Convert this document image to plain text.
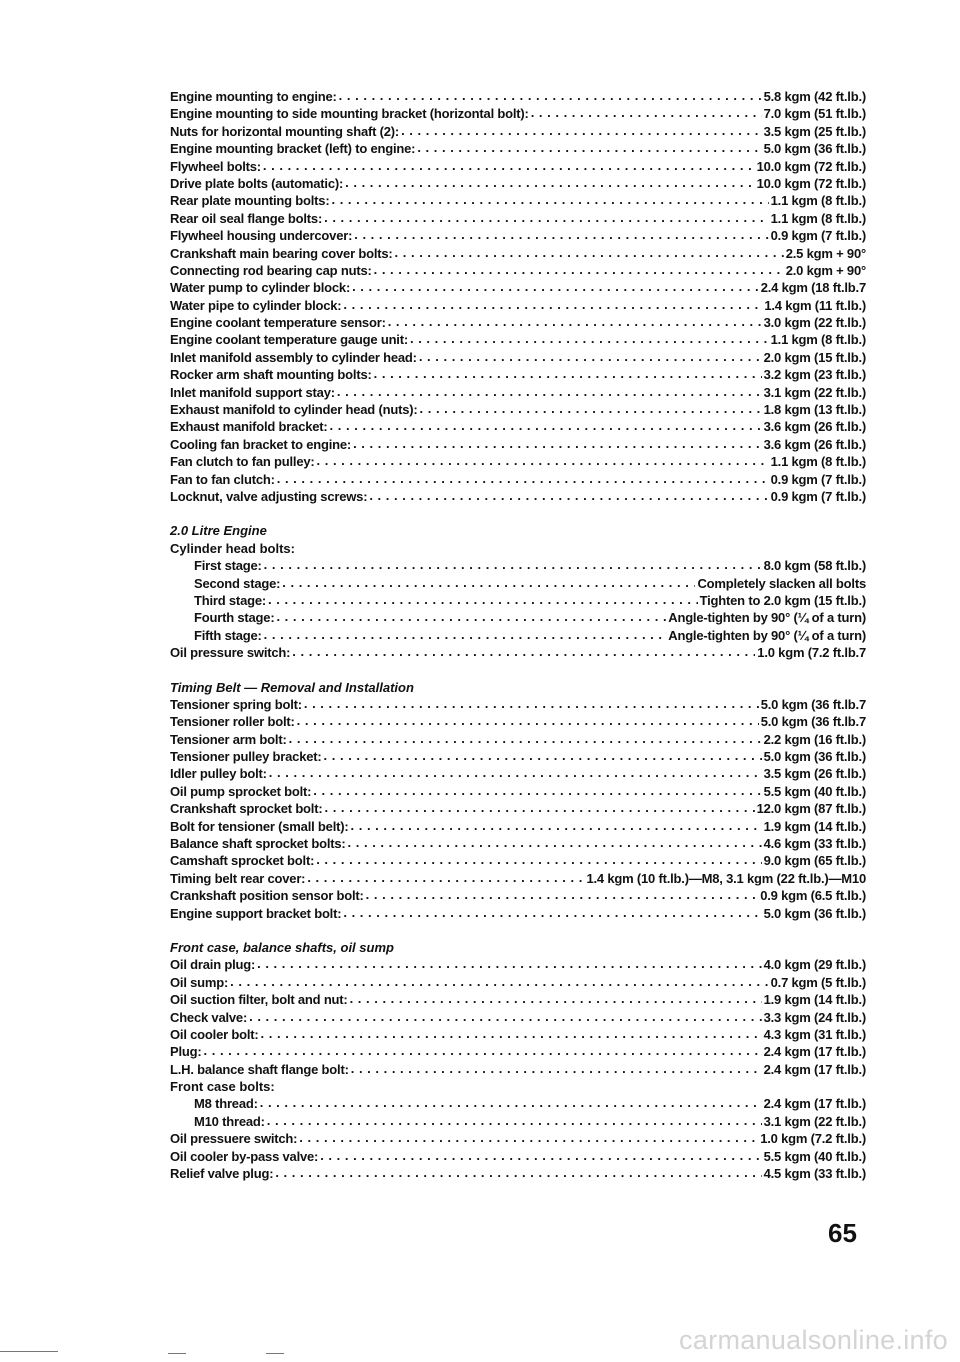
Engine mounting to engine: . . .	5.8 kgm (42 ft.lb.)
Engine mounting to side mounting bracket (horizontal bolt): . . .	7.0 kgm (51 ft.lb.)
Nuts for horizontal mounting shaft (2): . . .	3.5 kgm (25 ft.lb.)
Engine mounting bracket (left) to engine: . . .	5.0 kgm (36 ft.lb.)
Flywheel bolts: . . .	10.0 kgm (72 ft.lb.)
Drive plate bolts (automatic): . . .	10.0 kgm (72 ft.lb.)
Rear plate mounting bolts: . . .	1.1 kgm (8 ft.lb.)
Rear oil seal flange bolts: . . .	1.1 kgm (8 ft.lb.)
Flywheel housing undercover: . . .	0.9 kgm (7 ft.lb.)
Crankshaft main bearing cover bolts: . . .	2.5 kgm + 90°
Connecting rod bearing cap nuts: . . .	2.0 kgm + 90°
Water pump to cylinder block: . . .	2.4 kgm (18 ft.lb.7
Water pipe to cylinder block: . . .	1.4 kgm (11 ft.lb.)
Engine coolant temperature sensor: . . .	3.0 kgm (22 ft.lb.)
Engine coolant temperature gauge unit: . . .	1.1 kgm (8 ft.lb.)
Inlet manifold assembly to cylinder head: . . .	2.0 kgm (15 ft.lb.)
Rocker arm shaft mounting bolts: . . .	3.2 kgm (23 ft.lb.)
Inlet manifold support stay: . . .	3.1 kgm (22 ft.lb.)
Exhaust manifold to cylinder head (nuts): . . .	1.8 kgm (13 ft.lb.)
Exhaust manifold bracket: . . .	3.6 kgm (26 ft.lb.)
Cooling fan bracket to engine: . . .	3.6 kgm (26 ft.lb.)
Fan clutch to fan pulley: . . .	1.1 kgm (8 ft.lb.)
Fan to fan clutch: . . .	0.9 kgm (7 ft.lb.)
Locknut, valve adjusting screws: . . .	0.9 kgm (7 ft.lb.)
2.0 Litre Engine
Cylinder head bolts:
First stage: . . .	8.0 kgm (58 ft.lb.)
Second stage: . . .	Completely slacken all bolts
Third stage: . . .	Tighten to 2.0 kgm (15 ft.lb.)
Fourth stage: . . .	Angle-tighten by 90° (¼ of a turn)
Fifth stage: . . .	Angle-tighten by 90° (¼ of a turn)
Oil pressure switch: . . .	1.0 kgm (7.2 ft.lb.7
Timing Belt — Removal and Installation
Tensioner spring bolt: . . .	5.0 kgm (36 ft.lb.7
Tensioner roller bolt: . . .	5.0 kgm (36 ft.lb.7
Tensioner arm bolt: . . .	2.2 kgm (16 ft.lb.)
Tensioner pulley bracket: . . .	5.0 kgm (36 ft.lb.)
Idler pulley bolt: . . .	3.5 kgm (26 ft.lb.)
Oil pump sprocket bolt: . . .	5.5 kgm (40 ft.lb.)
Crankshaft sprocket bolt: . . .	12.0 kgm (87 ft.lb.)
Bolt for tensioner (small belt): . . .	1.9 kgm (14 ft.lb.)
Balance shaft sprocket bolts: . . .	4.6 kgm (33 ft.lb.)
Camshaft sprocket bolt: . . .	9.0 kgm (65 ft.lb.)
Timing belt rear cover: . . .	1.4 kgm (10 ft.lb.)—M8, 3.1 kgm (22 ft.lb.)—M10
Crankshaft position sensor bolt: . . .	0.9 kgm (6.5 ft.lb.)
Engine support bracket bolt: . . .	5.0 kgm (36 ft.lb.)
Front case, balance shafts, oil sump
Oil drain plug: . . .	4.0 kgm (29 ft.lb.)
Oil sump: . . .	0.7 kgm (5 ft.lb.)
Oil suction filter, bolt and nut: . . .	1.9 kgm (14 ft.lb.)
Check valve: . . .	3.3 kgm (24 ft.lb.)
Oil cooler bolt: . . .	4.3 kgm (31 ft.lb.)
Plug: . . .	2.4 kgm (17 ft.lb.)
L.H. balance shaft flange bolt: . . .	2.4 kgm (17 ft.lb.)
Front case bolts:
M8 thread: . . .	2.4 kgm (17 ft.lb.)
M10 thread: . . .	3.1 kgm (22 ft.lb.)
Oil pressuere switch: . . .	1.0 kgm (7.2 ft.lb.)
Oil cooler by-pass valve: . . .	5.5 kgm (40 ft.lb.)
Relief valve plug: . . .	4.5 kgm (33 ft.lb.)
65
carmanualsonline.info
